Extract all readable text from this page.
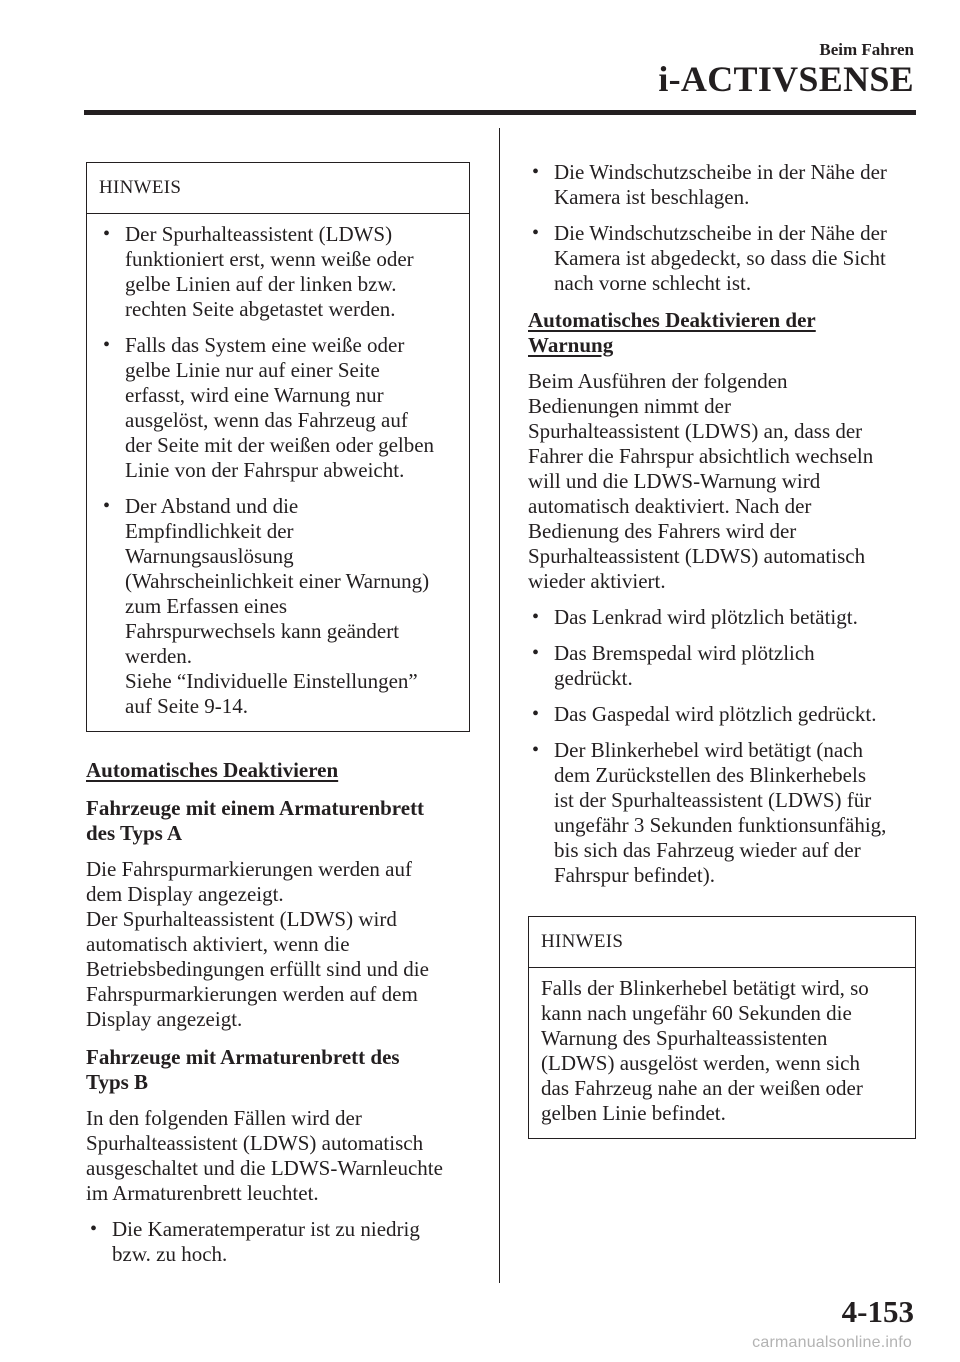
Beim Fahren
i-ACTIVSENSE
HINWEIS
• Der Spurhalteassistent (LDWS)
funktioniert erst, wenn weiße oder
gelbe Linien auf der linken bzw.
rechten Seite abgetastet werden.
• Falls das System eine weiße oder
gelbe Linie nur auf einer Seite
erfasst, wird eine Warnung nur
ausgelöst, wenn das Fahrzeug auf
der Seite mit der weißen oder gelben
Linie von der Fahrspur abweicht.
• Der Abstand und die
Empfindlichkeit der
Warnungsauslösung
(Wahrscheinlichkeit einer Warnung)
zum Erfassen eines
Fahrspurwechsels kann geändert
werden.
Siehe “Individuelle Einstellungen”
auf Seite 9-14.

Automatisches Deaktivieren

Fahrzeuge mit einem Armaturenbrett
des Typs A

Die Fahrspurmarkierungen werden auf
dem Display angezeigt.
Der Spurhalteassistent (LDWS) wird
automatisch aktiviert, wenn die
Betriebsbedingungen erfüllt sind und die
Fahrspurmarkierungen werden auf dem
Display angezeigt.

Fahrzeuge mit Armaturenbrett des
Typs B

In den folgenden Fällen wird der
Spurhalteassistent (LDWS) automatisch
ausgeschaltet und die LDWS-Warnleuchte
im Armaturenbrett leuchtet.

• Die Kameratemperatur ist zu niedrig
bzw. zu hoch.
• Die Windschutzscheibe in der Nähe der
Kamera ist beschlagen.
• Die Windschutzscheibe in der Nähe der
Kamera ist abgedeckt, so dass die Sicht
nach vorne schlecht ist.

Automatisches Deaktivieren der
Warnung

Beim Ausführen der folgenden
Bedienungen nimmt der
Spurhalteassistent (LDWS) an, dass der
Fahrer die Fahrspur absichtlich wechseln
will und die LDWS-Warnung wird
automatisch deaktiviert. Nach der
Bedienung des Fahrers wird der
Spurhalteassistent (LDWS) automatisch
wieder aktiviert.

• Das Lenkrad wird plötzlich betätigt.
• Das Bremspedal wird plötzlich
gedrückt.
• Das Gaspedal wird plötzlich gedrückt.
• Der Blinkerhebel wird betätigt (nach
dem Zurückstellen des Blinkerhebels
ist der Spurhalteassistent (LDWS) für
ungefähr 3 Sekunden funktionsunfähig,
bis sich das Fahrzeug wieder auf der
Fahrspur befindet).
HINWEIS

Falls der Blinkerhebel betätigt wird, so
kann nach ungefähr 60 Sekunden die
Warnung des Spurhalteassistenten
(LDWS) ausgelöst werden, wenn sich
das Fahrzeug nahe an der weißen oder
gelben Linie befindet.

4-153
carmanualsonline.info
